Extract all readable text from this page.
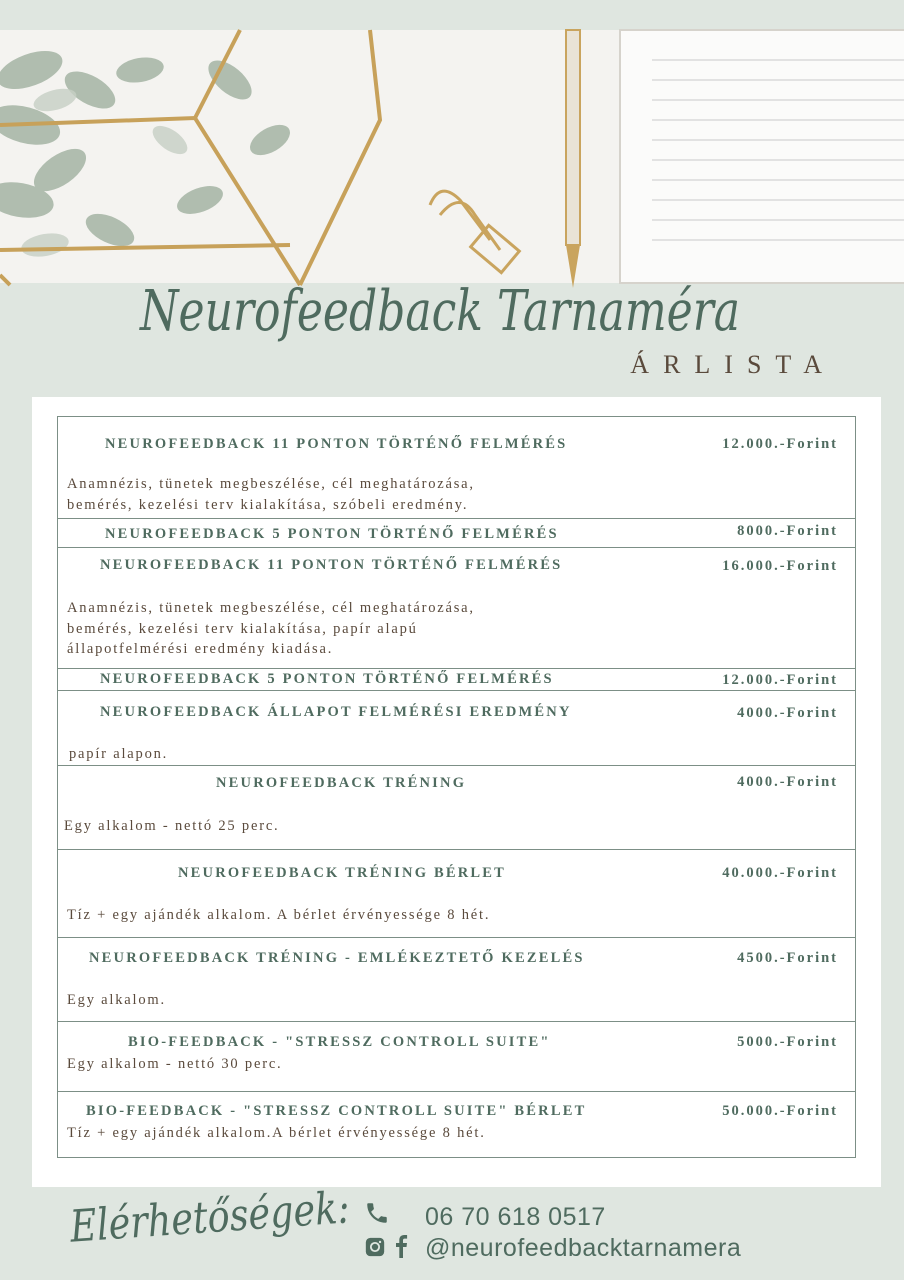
Neurofeedback Tarnaméra
ÁRLISTA
NEUROFEEDBACK 11 PONTON TÖRTÉNŐ FELMÉRÉS	12.000.-Forint
Anamnézis, tünetek megbeszélése, cél meghatározása,
bemérés, kezelési terv kialakítása, szóbeli eredmény.
NEUROFEEDBACK 5 PONTON TÖRTÉNŐ FELMÉRÉS	8000.-Forint
NEUROFEEDBACK 11 PONTON TÖRTÉNŐ FELMÉRÉS	16.000.-Forint
Anamnézis, tünetek megbeszélése, cél meghatározása,
bemérés, kezelési terv kialakítása, papír alapú
állapotfelmérési eredmény kiadása.
NEUROFEEDBACK 5 PONTON TÖRTÉNŐ FELMÉRÉS	12.000.-Forint
NEUROFEEDBACK ÁLLAPOT FELMÉRÉSI EREDMÉNY	4000.-Forint
papír alapon.
NEUROFEEDBACK TRÉNING	4000.-Forint
Egy alkalom - nettó 25 perc.
NEUROFEEDBACK TRÉNING BÉRLET	40.000.-Forint
Tíz + egy ajándék alkalom. A bérlet érvényessége 8 hét.
NEUROFEEDBACK TRÉNING - EMLÉKEZTETŐ KEZELÉS	4500.-Forint
Egy alkalom.
BIO-FEEDBACK - "STRESSZ CONTROLL SUITE"	5000.-Forint
Egy alkalom - nettó 30 perc.
BIO-FEEDBACK - "STRESSZ CONTROLL SUITE" BÉRLET	50.000.-Forint
Tíz + egy ajándék alkalom.A bérlet érvényessége 8 hét.
Elérhetőségek: 06 70 618 0517
@neurofeedbacktarnamera
